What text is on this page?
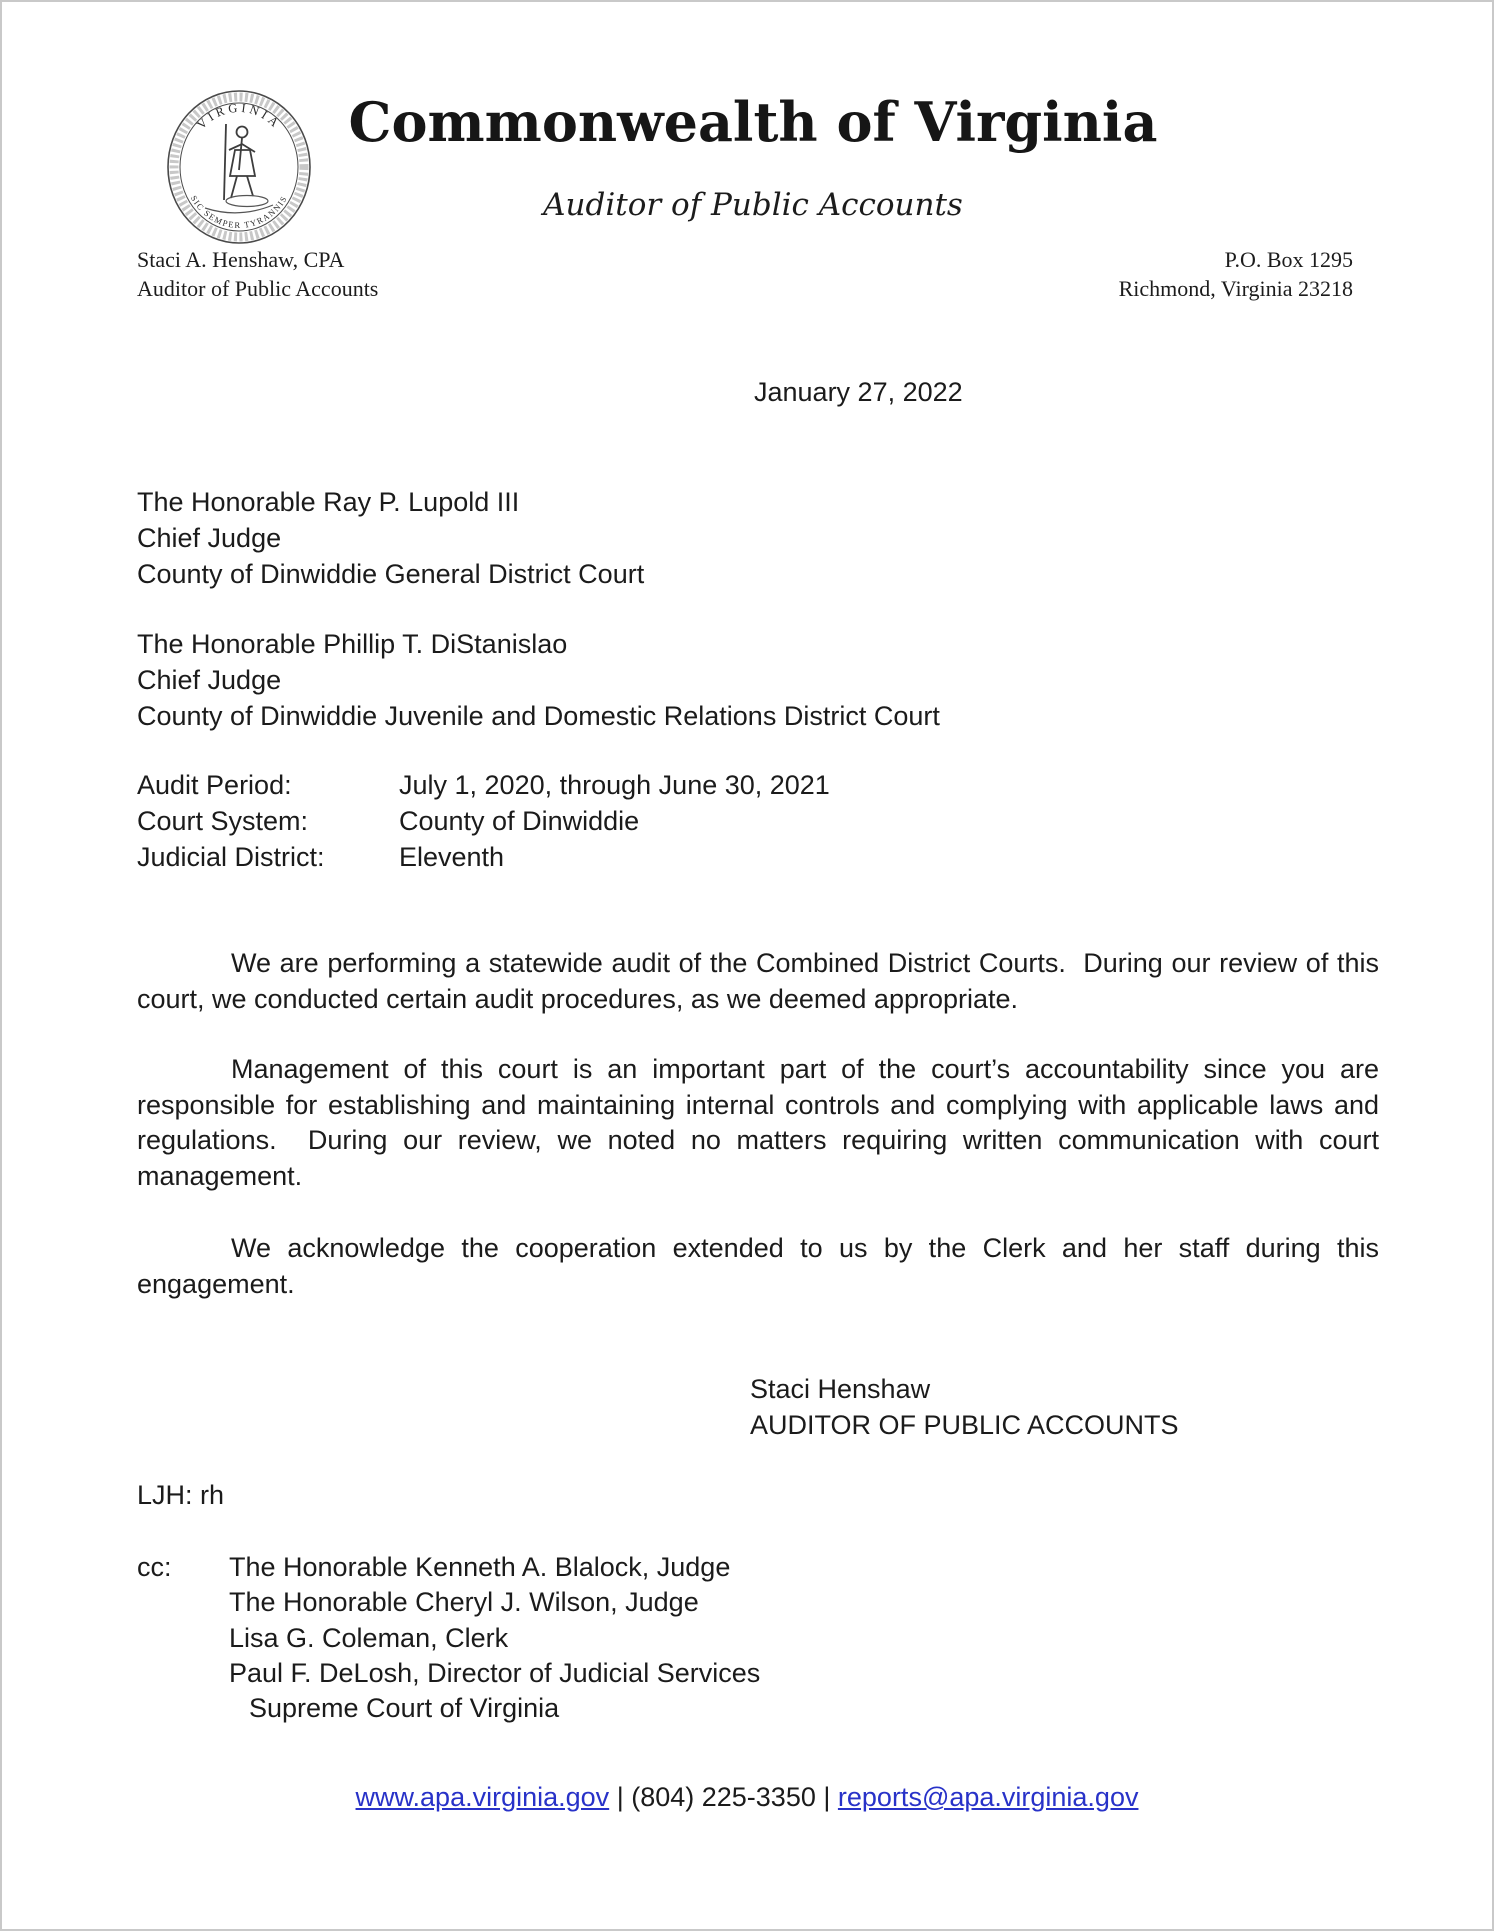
VIRGINIA
SIC SEMPER TYRANNIS
Commonwealth of Virginia
Auditor of Public Accounts
Staci A. Henshaw, CPA
Auditor of Public Accounts
P.O. Box 1295
Richmond, Virginia 23218
January 27, 2022
The Honorable Ray P. Lupold III
Chief Judge
County of Dinwiddie General District Court
The Honorable Phillip T. DiStanislao
Chief Judge
County of Dinwiddie Juvenile and Domestic Relations District Court
Audit Period:	July 1, 2020, through June 30, 2021
Court System:	County of Dinwiddie
Judicial District:	Eleventh

We are performing a statewide audit of the Combined District Courts.  During our review of this court, we conducted certain audit procedures, as we deemed appropriate.

Management of this court is an important part of the court’s accountability since you are responsible for establishing and maintaining internal controls and complying with applicable laws and regulations.  During our review, we noted no matters requiring written communication with court management.

We acknowledge the cooperation extended to us by the Clerk and her staff during this engagement.

Staci Henshaw
AUDITOR OF PUBLIC ACCOUNTS
LJH: rh
cc:	The Honorable Kenneth A. Blalock, Judge
The Honorable Cheryl J. Wilson, Judge
Lisa G. Coleman, Clerk
Paul F. DeLosh, Director of Judicial Services
Supreme Court of Virginia
www.apa.virginia.gov | (804) 225-3350 | reports@apa.virginia.gov
